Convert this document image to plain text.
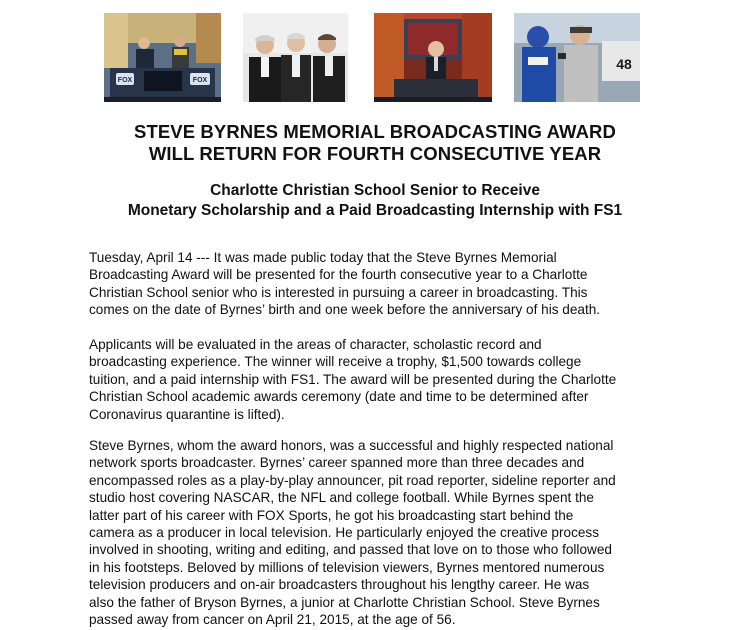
FOX	FOX
48
STEVE BYRNES MEMORIAL BROADCASTING AWARD
WILL RETURN FOR FOURTH CONSECUTIVE YEAR
Charlotte Christian School Senior to Receive
Monetary Scholarship and a Paid Broadcasting Internship with FS1
Tuesday, April 14 --- It was made public today that the Steve Byrnes Memorial
Broadcasting Award will be presented for the fourth consecutive year to a Charlotte
Christian School senior who is interested in pursuing a career in broadcasting. This
comes on the date of Byrnes’ birth and one week before the anniversary of his death.
Applicants will be evaluated in the areas of character, scholastic record and
broadcasting experience. The winner will receive a trophy, $1,500 towards college
tuition, and a paid internship with FS1. The award will be presented during the Charlotte
Christian School academic awards ceremony (date and time to be determined after
Coronavirus quarantine is lifted).
Steve Byrnes, whom the award honors, was a successful and highly respected national
network sports broadcaster. Byrnes’ career spanned more than three decades and
encompassed roles as a play-by-play announcer, pit road reporter, sideline reporter and
studio host covering NASCAR, the NFL and college football. While Byrnes spent the
latter part of his career with FOX Sports, he got his broadcasting start behind the
camera as a producer in local television. He particularly enjoyed the creative process
involved in shooting, writing and editing, and passed that love on to those who followed
in his footsteps. Beloved by millions of television viewers, Byrnes mentored numerous
television producers and on-air broadcasters throughout his lengthy career. He was
also the father of Bryson Byrnes, a junior at Charlotte Christian School. Steve Byrnes
passed away from cancer on April 21, 2015, at the age of 56.
